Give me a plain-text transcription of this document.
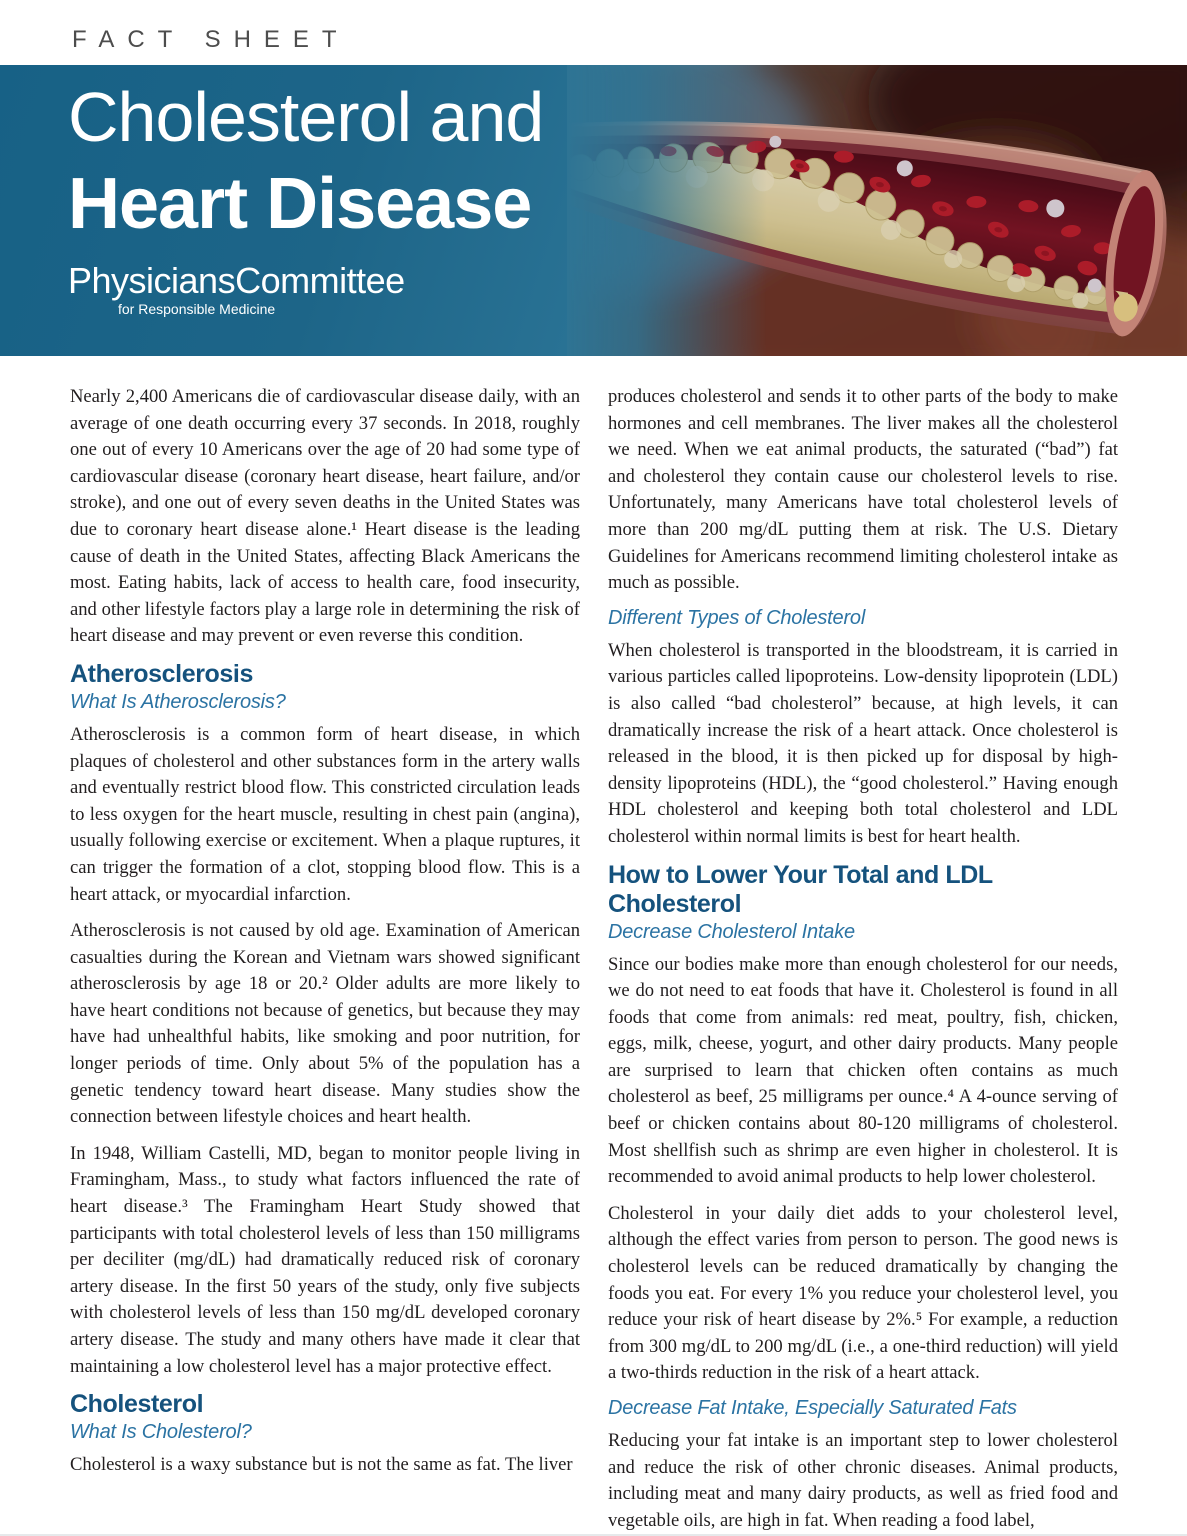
FACT SHEET
Cholesterol and
Heart Disease
PhysiciansCommittee
for Responsible Medicine

Nearly 2,400 Americans die of cardiovascular disease daily, with an average of one death occurring every 37 seconds. In 2018, roughly one out of every 10 Americans over the age of 20 had some type of cardiovascular disease (coronary heart disease, heart failure, and/or stroke), and one out of every seven deaths in the United States was due to coronary heart disease alone.¹ Heart disease is the leading cause of death in the United States, affecting Black Americans the most. Eating habits, lack of access to health care, food insecurity, and other lifestyle factors play a large role in determining the risk of heart disease and may prevent or even reverse this condition.

Atherosclerosis
What Is Atherosclerosis?

Atherosclerosis is a common form of heart disease, in which plaques of cholesterol and other substances form in the artery walls and eventually restrict blood flow. This constricted circulation leads to less oxygen for the heart muscle, resulting in chest pain (angina), usually following exercise or excitement. When a plaque ruptures, it can trigger the formation of a clot, stopping blood flow. This is a heart attack, or myocardial infarction.

Atherosclerosis is not caused by old age. Examination of American casualties during the Korean and Vietnam wars showed significant atherosclerosis by age 18 or 20.² Older adults are more likely to have heart conditions not because of genetics, but because they may have had unhealthful habits, like smoking and poor nutrition, for longer periods of time. Only about 5% of the population has a genetic tendency toward heart disease. Many studies show the connection between lifestyle choices and heart health.

In 1948, William Castelli, MD, began to monitor people living in Framingham, Mass., to study what factors influenced the rate of heart disease.³ The Framingham Heart Study showed that participants with total cholesterol levels of less than 150 milligrams per deciliter (mg/dL) had dramatically reduced risk of coronary artery disease. In the first 50 years of the study, only five subjects with cholesterol levels of less than 150 mg/dL developed coronary artery disease. The study and many others have made it clear that maintaining a low cholesterol level has a major protective effect.

Cholesterol
What Is Cholesterol?

Cholesterol is a waxy substance but is not the same as fat. The liver

produces cholesterol and sends it to other parts of the body to make hormones and cell membranes. The liver makes all the cholesterol we need. When we eat animal products, the saturated (“bad”) fat and cholesterol they contain cause our cholesterol levels to rise. Unfortunately, many Americans have total cholesterol levels of more than 200 mg/dL putting them at risk. The U.S. Dietary Guidelines for Americans recommend limiting cholesterol intake as much as possible.

Different Types of Cholesterol

When cholesterol is transported in the bloodstream, it is carried in various particles called lipoproteins. Low-density lipoprotein (LDL) is also called “bad cholesterol” because, at high levels, it can dramatically increase the risk of a heart attack. Once cholesterol is released in the blood, it is then picked up for disposal by high-density lipoproteins (HDL), the “good cholesterol.” Having enough HDL cholesterol and keeping both total cholesterol and LDL cholesterol within normal limits is best for heart health.

How to Lower Your Total and LDL Cholesterol
Decrease Cholesterol Intake

Since our bodies make more than enough cholesterol for our needs, we do not need to eat foods that have it. Cholesterol is found in all foods that come from animals: red meat, poultry, fish, chicken, eggs, milk, cheese, yogurt, and other dairy products. Many people are surprised to learn that chicken often contains as much cholesterol as beef, 25 milligrams per ounce.⁴ A 4-ounce serving of beef or chicken contains about 80-120 milligrams of cholesterol. Most shellfish such as shrimp are even higher in cholesterol. It is recommended to avoid animal products to help lower cholesterol.

Cholesterol in your daily diet adds to your cholesterol level, although the effect varies from person to person. The good news is cholesterol levels can be reduced dramatically by changing the foods you eat. For every 1% you reduce your cholesterol level, you reduce your risk of heart disease by 2%.⁵ For example, a reduction from 300 mg/dL to 200 mg/dL (i.e., a one-third reduction) will yield a two-thirds reduction in the risk of a heart attack.

Decrease Fat Intake, Especially Saturated Fats

Reducing your fat intake is an important step to lower cholesterol and reduce the risk of other chronic diseases. Animal products, including meat and many dairy products, as well as fried food and vegetable oils, are high in fat. When reading a food label,
